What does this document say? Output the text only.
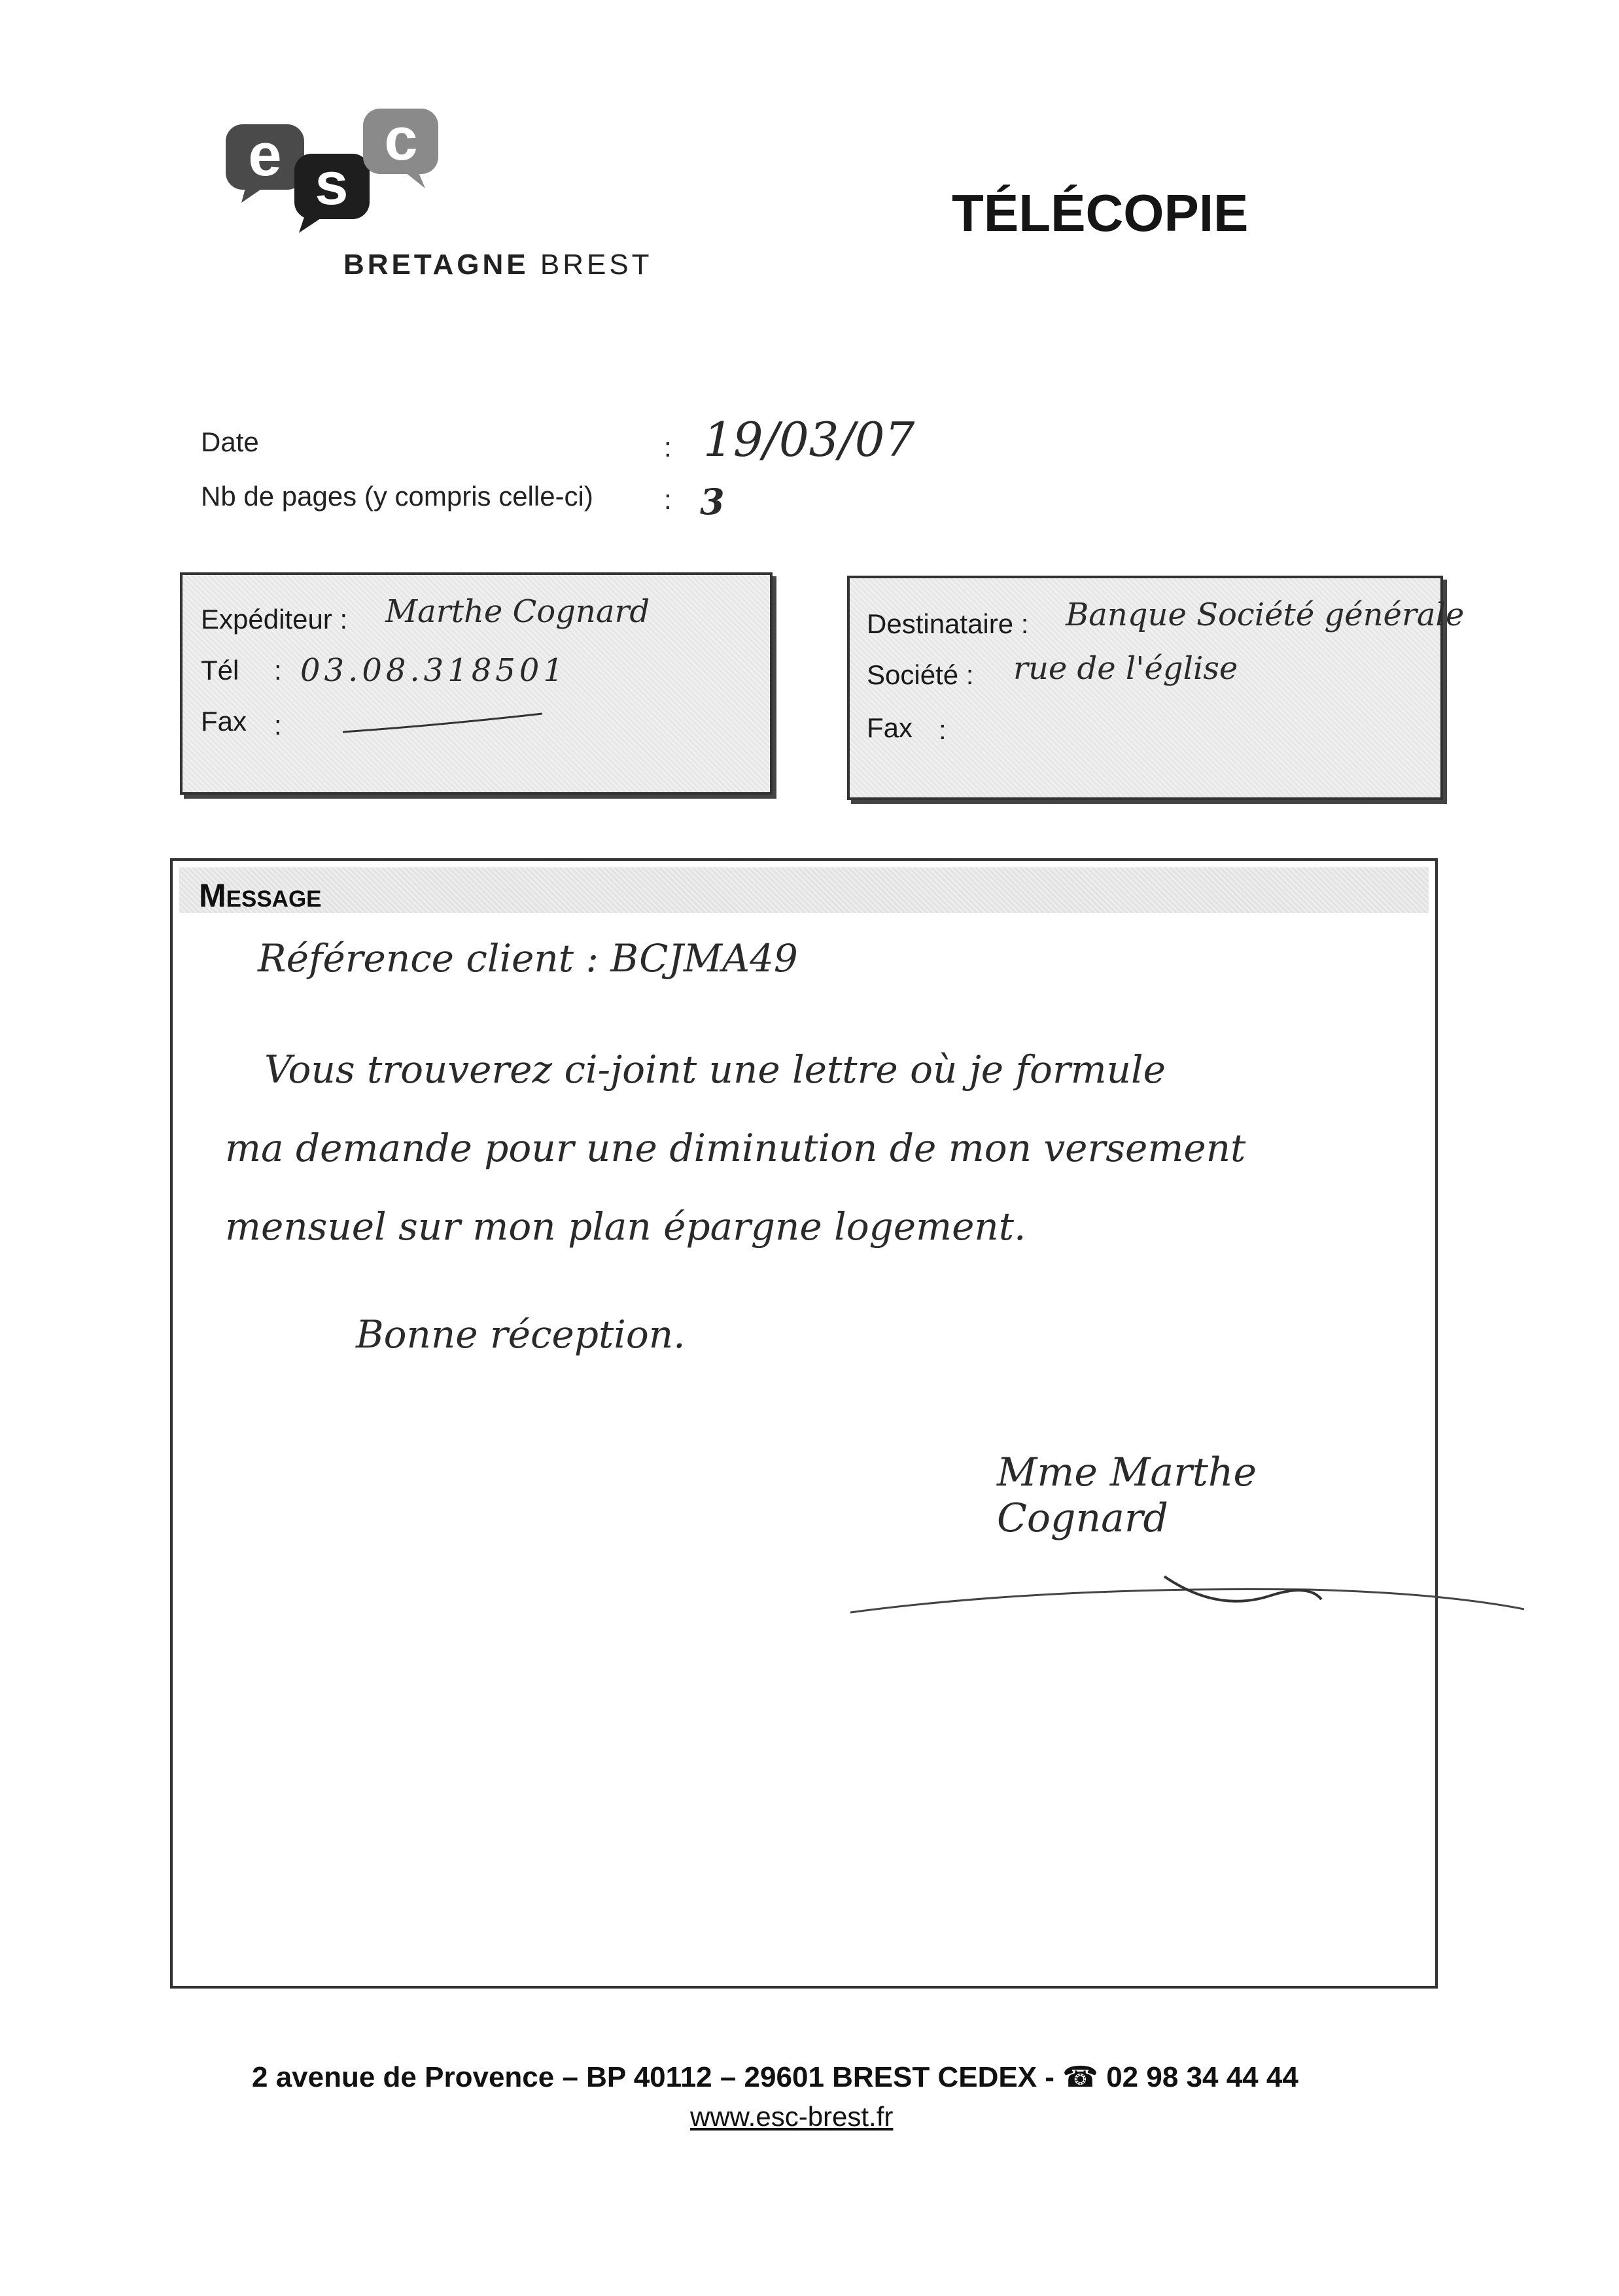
e s
c
BRETAGNE BREST
TÉLÉCOPIE
Date	: 19/03/07
Nb de pages (y compris celle-ci)	: 3
Expéditeur : Marthe Cognard
Tél : 03.08.318501
Fax :
Destinataire : Banque Société générale
Société : rue de l'église
Fax :
Message
Référence client : BCJMA49
Vous trouverez ci-joint une lettre où je formule
ma demande pour une diminution de mon versement
mensuel sur mon plan épargne logement.
Bonne réception.
Mme Marthe Cognard
2 avenue de Provence – BP 40112 – 29601 BREST CEDEX - ☎ 02 98 34 44 44
www.esc-brest.fr
